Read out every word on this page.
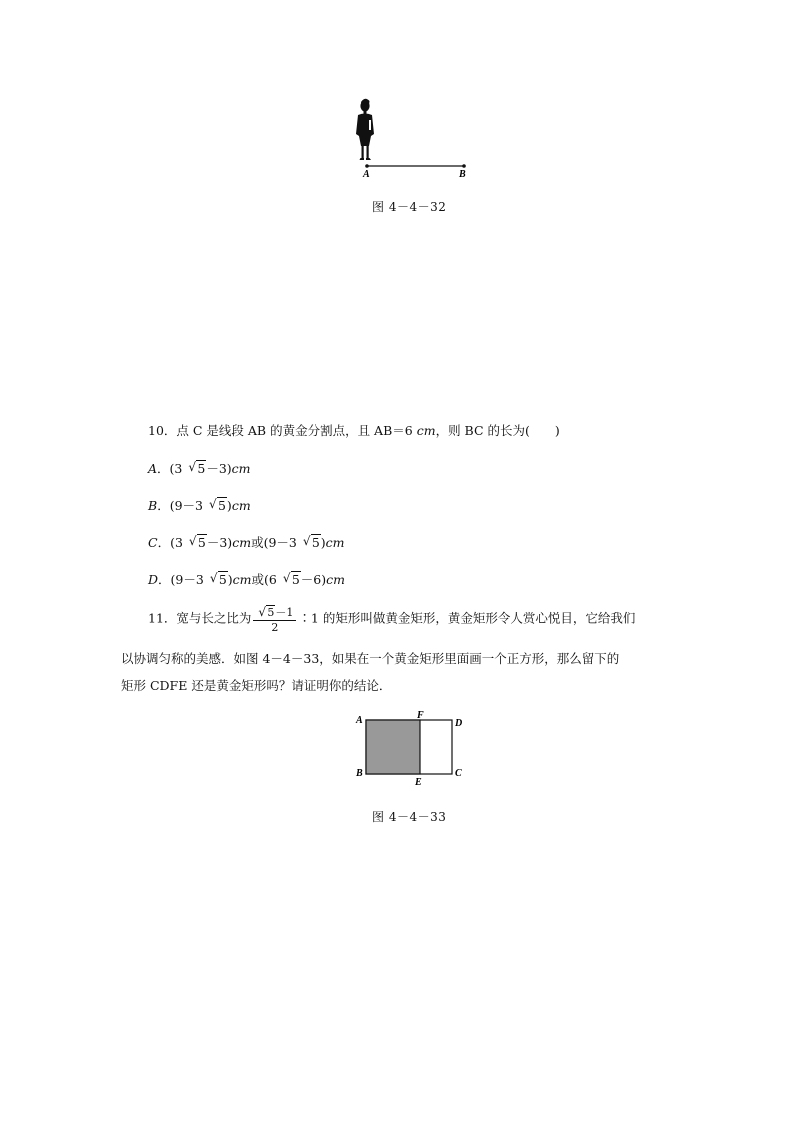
A	B
图 4－4－32
10．点 C 是线段 AB 的黄金分割点，且 AB＝6 cm，则 BC 的长为(　　)
A．(3 √ 5－3)cm
B．(9－3 √ 5)cm
C．(3 √ 5－3)cm或(9－3 √ 5)cm
D．(9－3 √ 5)cm或(6 √ 5－6)cm
11．宽与长之比为
√ $\frac{5-1}{2}$ ∶1 的矩形叫做黄金矩形，黄金矩形令人赏心悦目，它给我们
以协调匀称的美感．如图 4－4－33，如果在一个黄金矩形里面画一个正方形，那么留下的
矩形 CDFE 还是黄金矩形吗？请证明你的结论．
A	F
D
B
E
C
图 4－4－33
